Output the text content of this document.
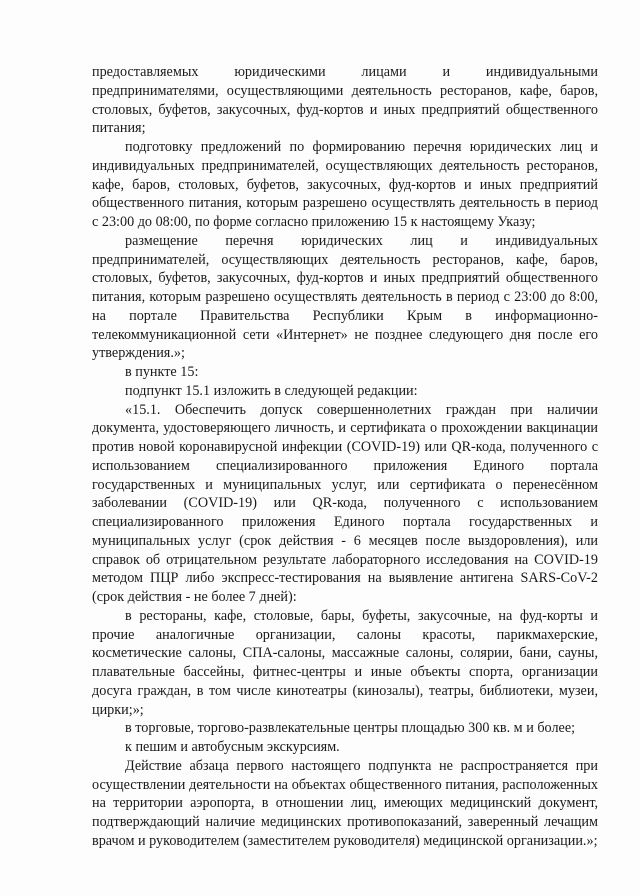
предоставляемых юридическими лицами и индивидуальными предпринимателями, осуществляющими деятельность ресторанов, кафе, баров, столовых, буфетов, закусочных, фуд-кортов и иных предприятий общественного питания;

подготовку предложений по формированию перечня юридических лиц и индивидуальных предпринимателей, осуществляющих деятельность ресторанов, кафе, баров, столовых, буфетов, закусочных, фуд-кортов и иных предприятий общественного питания, которым разрешено осуществлять деятельность в период с 23:00 до 08:00, по форме согласно приложению 15 к настоящему Указу;

размещение перечня юридических лиц и индивидуальных предпринимателей, осуществляющих деятельность ресторанов, кафе, баров, столовых, буфетов, закусочных, фуд-кортов и иных предприятий общественного питания, которым разрешено осуществлять деятельность в период с 23:00 до 8:00, на портале Правительства Республики Крым в информационно-телекоммуникационной сети «Интернет» не позднее следующего дня после его утверждения.»;

в пункте 15:

подпункт 15.1 изложить в следующей редакции:

«15.1. Обеспечить допуск совершеннолетних граждан при наличии документа, удостоверяющего личность, и сертификата о прохождении вакцинации против новой коронавирусной инфекции (COVID-19) или QR-кода, полученного с использованием специализированного приложения Единого портала государственных и муниципальных услуг, или сертификата о перенесённом заболевании (COVID-19) или QR-кода, полученного с использованием специализированного приложения Единого портала государственных и муниципальных услуг (срок действия - 6 месяцев после выздоровления), или справок об отрицательном результате лабораторного исследования на COVID-19 методом ПЦР либо экспресс-тестирования на выявление антигена SARS-CoV-2 (срок действия - не более 7 дней):

в рестораны, кафе, столовые, бары, буфеты, закусочные, на фуд-корты и прочие аналогичные организации, салоны красоты, парикмахерские, косметические салоны, СПА-салоны, массажные салоны, солярии, бани, сауны, плавательные бассейны, фитнес-центры и иные объекты спорта, организации досуга граждан, в том числе кинотеатры (кинозалы), театры, библиотеки, музеи, цирки;»;

в торговые, торгово-развлекательные центры площадью 300 кв. м и более;

к пешим и автобусным экскурсиям.

Действие абзаца первого настоящего подпункта не распространяется при осуществлении деятельности на объектах общественного питания, расположенных на территории аэропорта, в отношении лиц, имеющих медицинский документ, подтверждающий наличие медицинских противопоказаний, заверенный лечащим врачом и руководителем (заместителем руководителя) медицинской организации.»;
